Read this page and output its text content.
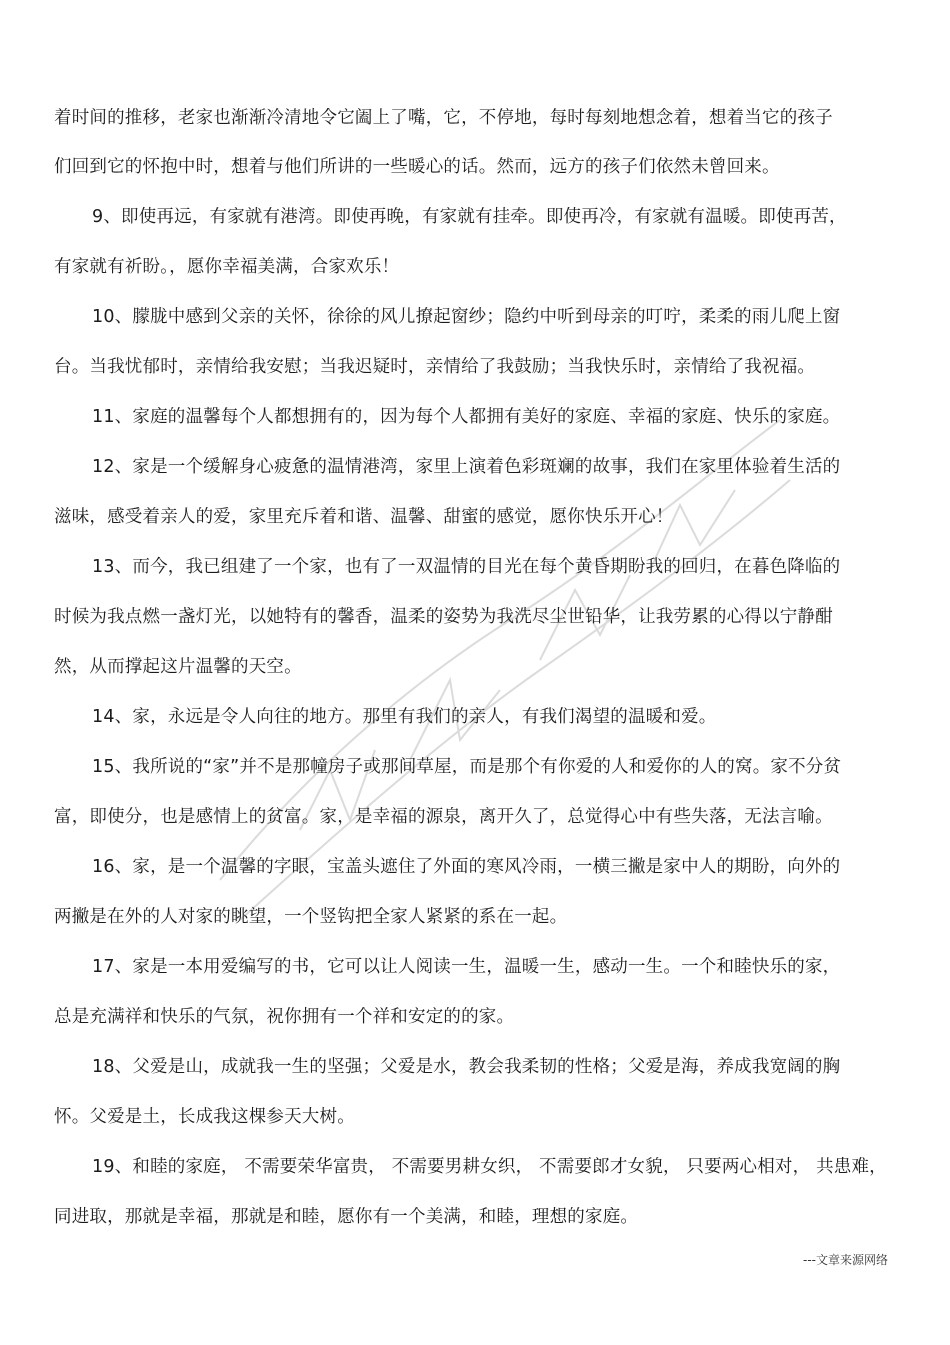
着时间的推移，老家也渐渐冷清地令它阖上了嘴，它，不停地，每时每刻地想念着，想着当它的孩子
们回到它的怀抱中时，想着与他们所讲的一些暖心的话。然而，远方的孩子们依然未曾回来。
9、即使再远，有家就有港湾。即使再晚，有家就有挂牵。即使再冷，有家就有温暖。即使再苦，
有家就有祈盼。，愿你幸福美满，合家欢乐！
10、朦胧中感到父亲的关怀，徐徐的风儿撩起窗纱；隐约中听到母亲的叮咛，柔柔的雨儿爬上窗
台。当我忧郁时，亲情给我安慰；当我迟疑时，亲情给了我鼓励；当我快乐时，亲情给了我祝福。
11、家庭的温馨每个人都想拥有的，因为每个人都拥有美好的家庭、幸福的家庭、快乐的家庭。
12、家是一个缓解身心疲惫的温情港湾，家里上演着色彩斑斓的故事，我们在家里体验着生活的
滋味，感受着亲人的爱，家里充斥着和谐、温馨、甜蜜的感觉，愿你快乐开心！
13、而今，我已组建了一个家，也有了一双温情的目光在每个黄昏期盼我的回归，在暮色降临的
时候为我点燃一盏灯光，以她特有的馨香，温柔的姿势为我洗尽尘世铅华，让我劳累的心得以宁静酣
然，从而撑起这片温馨的天空。
14、家，永远是令人向往的地方。那里有我们的亲人，有我们渴望的温暖和爱。
15、我所说的“家”并不是那幢房子或那间草屋，而是那个有你爱的人和爱你的人的窝。家不分贫
富，即使分，也是感情上的贫富。家，是幸福的源泉，离开久了，总觉得心中有些失落，无法言喻。
16、家，是一个温馨的字眼，宝盖头遮住了外面的寒风冷雨，一横三撇是家中人的期盼，向外的
两撇是在外的人对家的眺望，一个竖钩把全家人紧紧的系在一起。
17、家是一本用爱编写的书，它可以让人阅读一生，温暖一生，感动一生。一个和睦快乐的家，
总是充满祥和快乐的气氛，祝你拥有一个祥和安定的的家。
18、父爱是山，成就我一生的坚强；父爱是水，教会我柔韧的性格；父爱是海，养成我宽阔的胸
怀。父爱是土，长成我这棵参天大树。
19、和睦的家庭， 不需要荣华富贵， 不需要男耕女织， 不需要郎才女貌， 只要两心相对， 共患难，
同进取，那就是幸福，那就是和睦，愿你有一个美满，和睦，理想的家庭。
---文章来源网络
